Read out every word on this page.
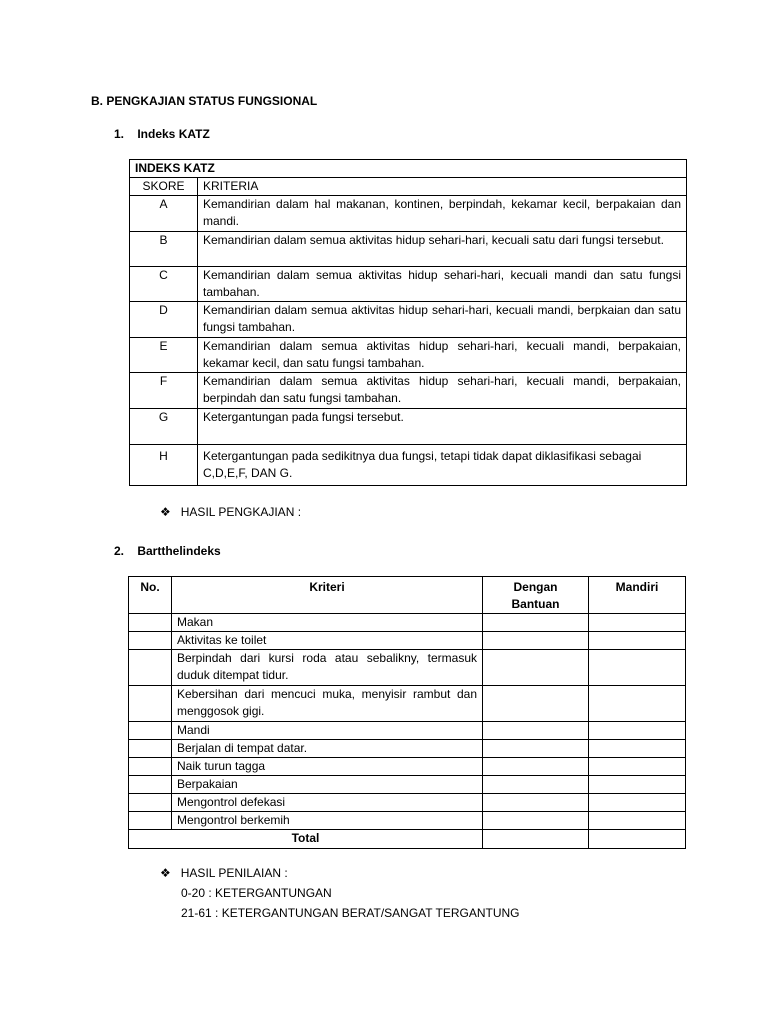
B. PENGKAJIAN STATUS FUNGSIONAL
1.    Indeks KATZ
INDEKS KATZ	
SKORE	KRITERIA
A	Kemandirian dalam hal makanan, kontinen, berpindah, kekamar kecil, berpakaian dan mandi.
B	Kemandirian dalam semua aktivitas hidup sehari-hari, kecuali satu dari fungsi tersebut.
C	Kemandirian dalam semua aktivitas hidup sehari-hari, kecuali mandi dan satu fungsi tambahan.
D	Kemandirian dalam semua aktivitas hidup sehari-hari, kecuali mandi, berpkaian dan satu fungsi tambahan.
E	Kemandirian dalam semua aktivitas hidup sehari-hari, kecuali mandi, berpakaian, kekamar kecil, dan satu fungsi tambahan.
F	Kemandirian dalam semua aktivitas hidup sehari-hari, kecuali mandi, berpakaian, berpindah dan satu fungsi tambahan.
G	Ketergantungan pada fungsi tersebut.
H	Ketergantungan pada sedikitnya dua fungsi, tetapi tidak dapat diklasifikasi sebagai C,D,E,F, DAN G.
❖ HASIL PENGKAJIAN :
2.    Bartthelindeks
No.	Kriteri	Dengan Bantuan	Mandiri
	Makan		
	Aktivitas ke toilet		
	Berpindah dari kursi roda atau sebalikny, termasuk duduk ditempat tidur.		
	Kebersihan dari mencuci muka, menyisir rambut dan menggosok gigi.		
	Mandi		
	Berjalan di tempat datar.		
	Naik turun tagga		
	Berpakaian		
	Mengontrol defekasi		
	Mengontrol berkemih		
Total			
❖ HASIL PENILAIAN :
0-20 : KETERGANTUNGAN
21-61 : KETERGANTUNGAN BERAT/SANGAT TERGANTUNG
